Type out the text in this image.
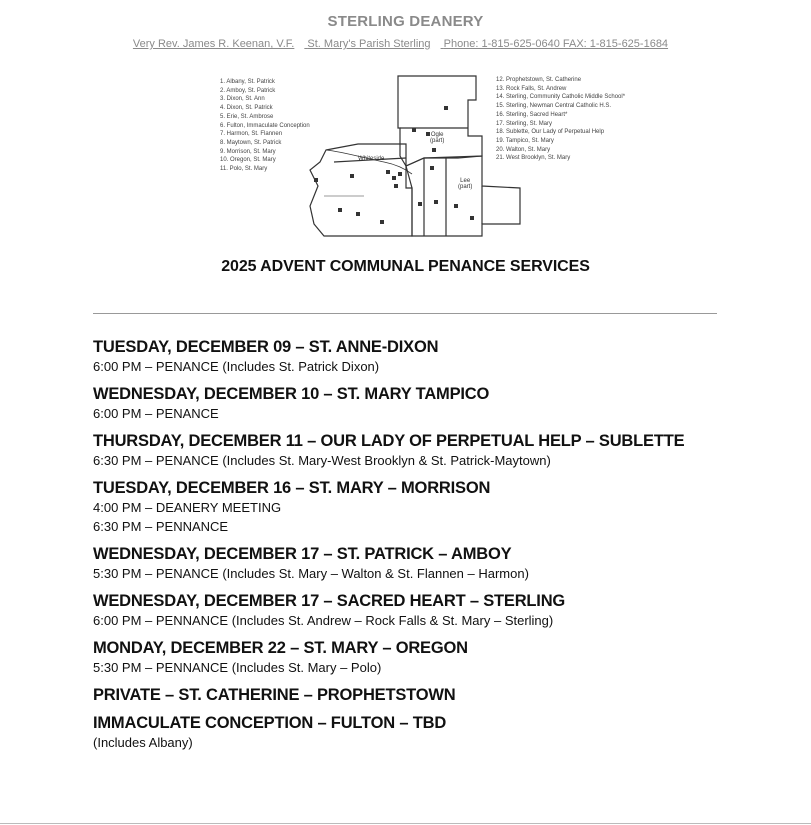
STERLING DEANERY
Very Rev. James R. Keenan, V.F. St. Mary's Parish Sterling Phone: 1-815-625-0640 FAX: 1-815-625-1684
1. Albany, St. Patrick
2. Amboy, St. Patrick
3. Dixon, St. Ann
4. Dixon, St. Patrick
5. Erie, St. Ambrose
6. Fulton, Immaculate Conception
7. Harmon, St. Flannen
8. Maytown, St. Patrick
9. Morrison, St. Mary
10. Oregon, St. Mary
11. Polo, St. Mary
12. Prophetstown, St. Catherine
13. Rock Falls, St. Andrew
14. Sterling, Community Catholic Middle School*
15. Sterling, Newman Central Catholic H.S.
16. Sterling, Sacred Heart*
17. Sterling, St. Mary
18. Sublette, Our Lady of Perpetual Help
19. Tampico, St. Mary
20. Walton, St. Mary
21. West Brooklyn, St. Mary
Ogle
(part)
Whiteside
Lee
(part)
2025 ADVENT COMMUNAL PENANCE SERVICES
TUESDAY, DECEMBER 09 – ST. ANNE-DIXON
6:00 PM – PENANCE (Includes St. Patrick Dixon)
WEDNESDAY, DECEMBER 10 – ST. MARY TAMPICO
6:00 PM – PENANCE
THURSDAY, DECEMBER 11 – OUR LADY OF PERPETUAL HELP – SUBLETTE
6:30 PM – PENANCE (Includes St. Mary-West Brooklyn & St. Patrick-Maytown)
TUESDAY, DECEMBER 16 – ST. MARY – MORRISON
4:00 PM – DEANERY MEETING
6:30 PM – PENNANCE
WEDNESDAY, DECEMBER 17 – ST. PATRICK – AMBOY
5:30 PM – PENANCE (Includes St. Mary – Walton & St. Flannen – Harmon)
WEDNESDAY, DECEMBER 17 – SACRED HEART – STERLING
6:00 PM – PENNANCE (Includes St. Andrew – Rock Falls & St. Mary – Sterling)
MONDAY, DECEMBER 22 – ST. MARY – OREGON
5:30 PM – PENNANCE (Includes St. Mary – Polo)
PRIVATE – ST. CATHERINE – PROPHETSTOWN
IMMACULATE CONCEPTION – FULTON – TBD
(Includes Albany)
